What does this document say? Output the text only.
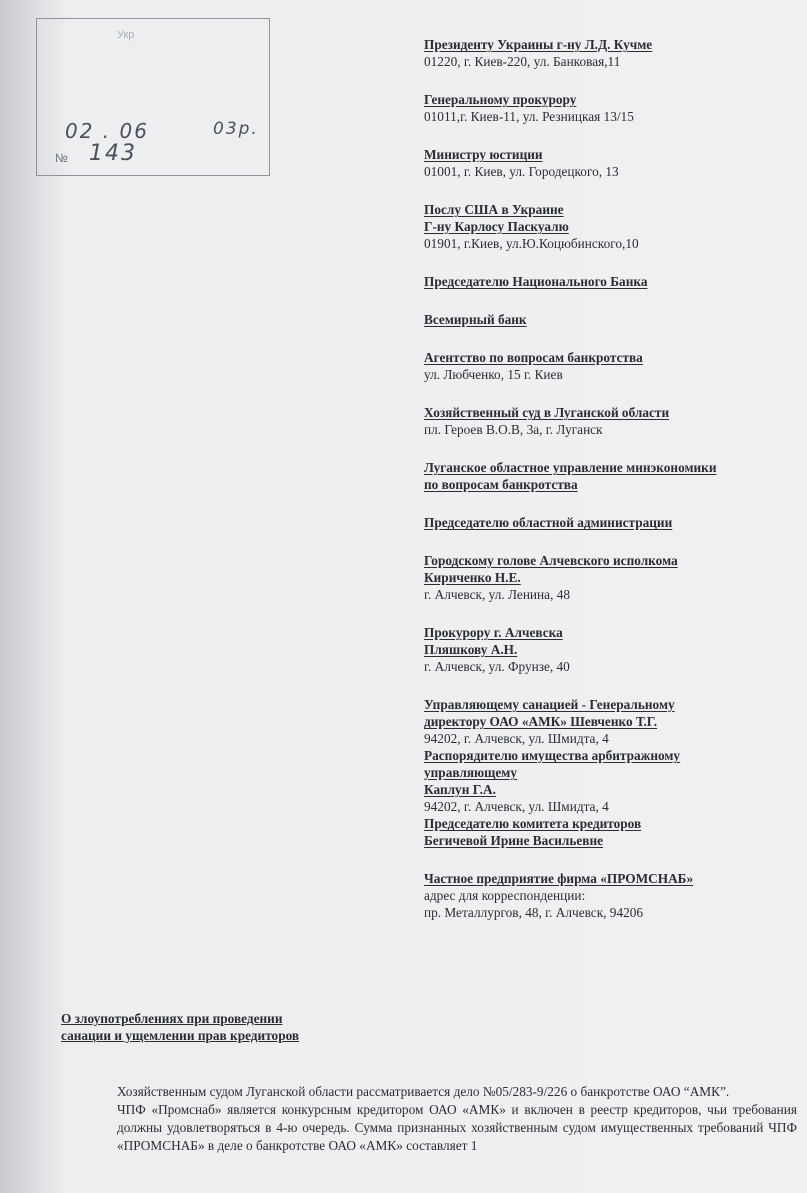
Укр
02 . 06	03р.
№ 143
Президенту Украины г-ну Л.Д. Кучме
01220, г. Киев-220, ул. Банковая,11
Генеральному прокурору
01011,г. Киев-11, ул. Резницкая 13/15
Министру юстиции
01001, г. Киев, ул. Городецкого, 13
Послу США в Украине
Г-ну Карлосу Паскуалю
01901, г.Киев, ул.Ю.Коцюбинского,10
Председателю Национального Банка
Всемирный банк
Агентство по вопросам банкротства
ул. Любченко, 15 г. Киев
Хозяйственный суд в Луганской области
пл. Героев В.О.В, 3а, г. Луганск
Луганское областное управление минэкономики
по вопросам банкротства
Председателю областной администрации
Городскому голове Алчевского исполкома
Кириченко Н.Е.
г. Алчевск, ул. Ленина, 48
Прокурору г. Алчевска
Пляшкову А.Н.
г. Алчевск, ул. Фрунзе, 40
Управляющему санацией - Генеральному
директору ОАО «АМК» Шевченко Т.Г.
94202, г. Алчевск, ул. Шмидта, 4
Распорядителю имущества арбитражному
управляющему
Каплун Г.А.
94202, г. Алчевск, ул. Шмидта, 4
Председателю комитета кредиторов
Бегичевой Ирине Васильевне
Частное предприятие фирма «ПРОМСНАБ»
адрес для корреспонденции:
пр. Металлургов, 48, г. Алчевск, 94206
О злоупотреблениях при проведении
санации и ущемлении прав кредиторов

Хозяйственным судом Луганской области рассматривается дело №05/283-9/226 о банкротстве ОАО “АМК”.

ЧПФ «Промснаб» является конкурсным кредитором ОАО «АМК» и включен в реестр кредиторов, чьи требования должны удовлетворяться в 4-ю очередь. Сумма признанных хозяйственным судом имущественных требований ЧПФ «ПРОМСНАБ» в деле о банкротстве ОАО «АМК» составляет 1
